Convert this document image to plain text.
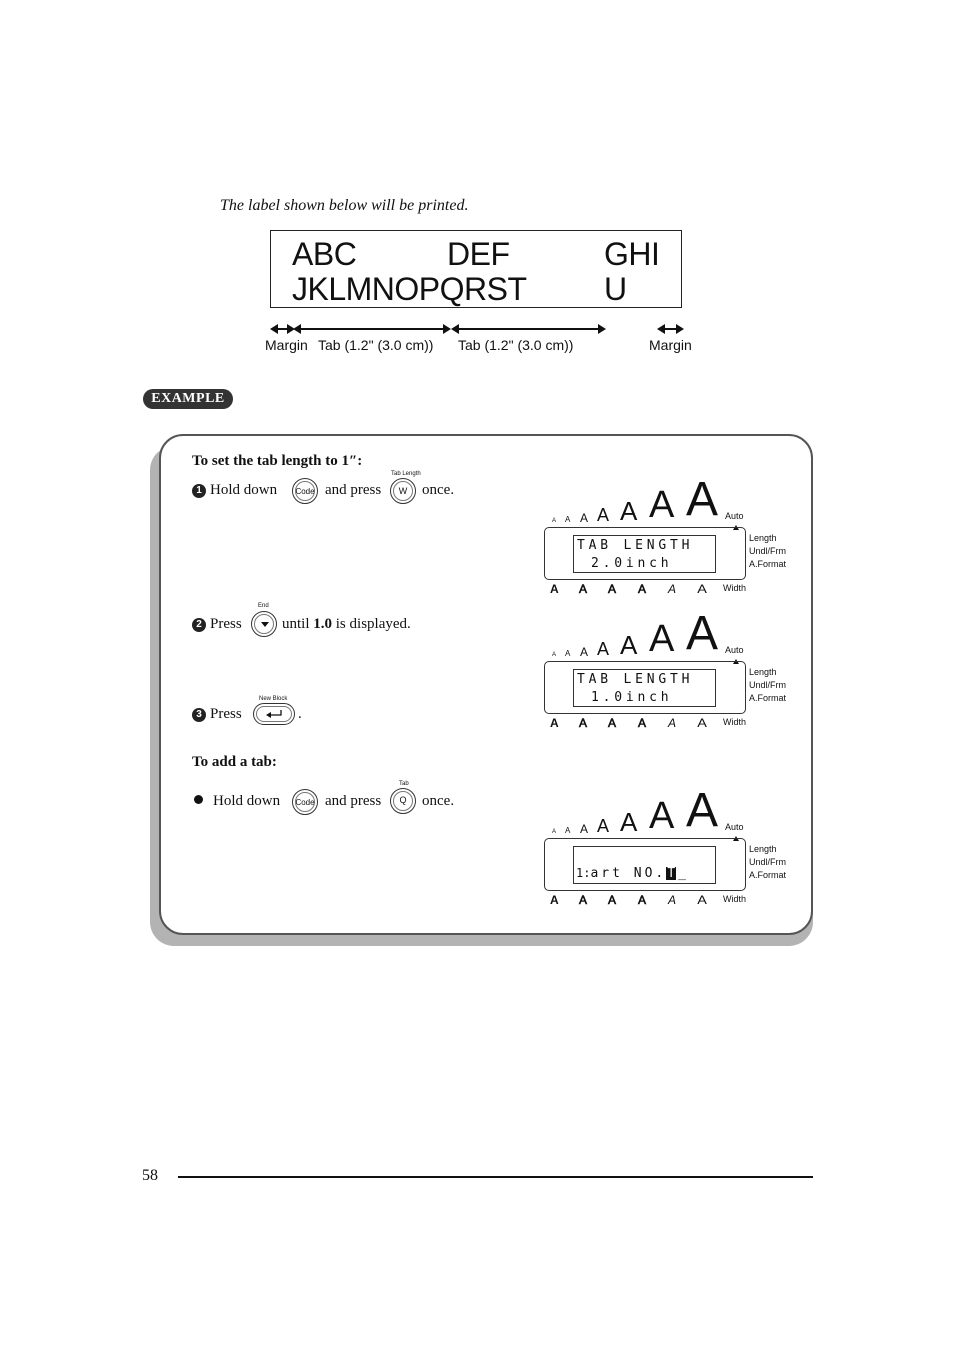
The label shown below will be printed.
ABC	DEF	GHI
JKLMNOPQRST U
Margin Tab (1.2" (3.0 cm)) Tab (1.2" (3.0 cm))	Margin
EXAMPLE
To set the tab length to 1″:
1 Hold down	Code and press
Tab Length
W once.
2 Press
End
until 1.0 is displayed.
3 Press
New Block
.
To add a tab:
Hold down	Code and press
Tab
Q	once.
A A A A A A A Auto
TAB LENGTH
2.0inch
Length
Undl/Frm
A.Format
A A A A A A Width
A A A A A A A Auto
TAB LENGTH
1.0inch
Length
Undl/Frm
A.Format
A A A A A A Width
A A A A A A A Auto
1:art NO.T _
Length
Undl/Frm
A.Format
A A A A A A Width
58
